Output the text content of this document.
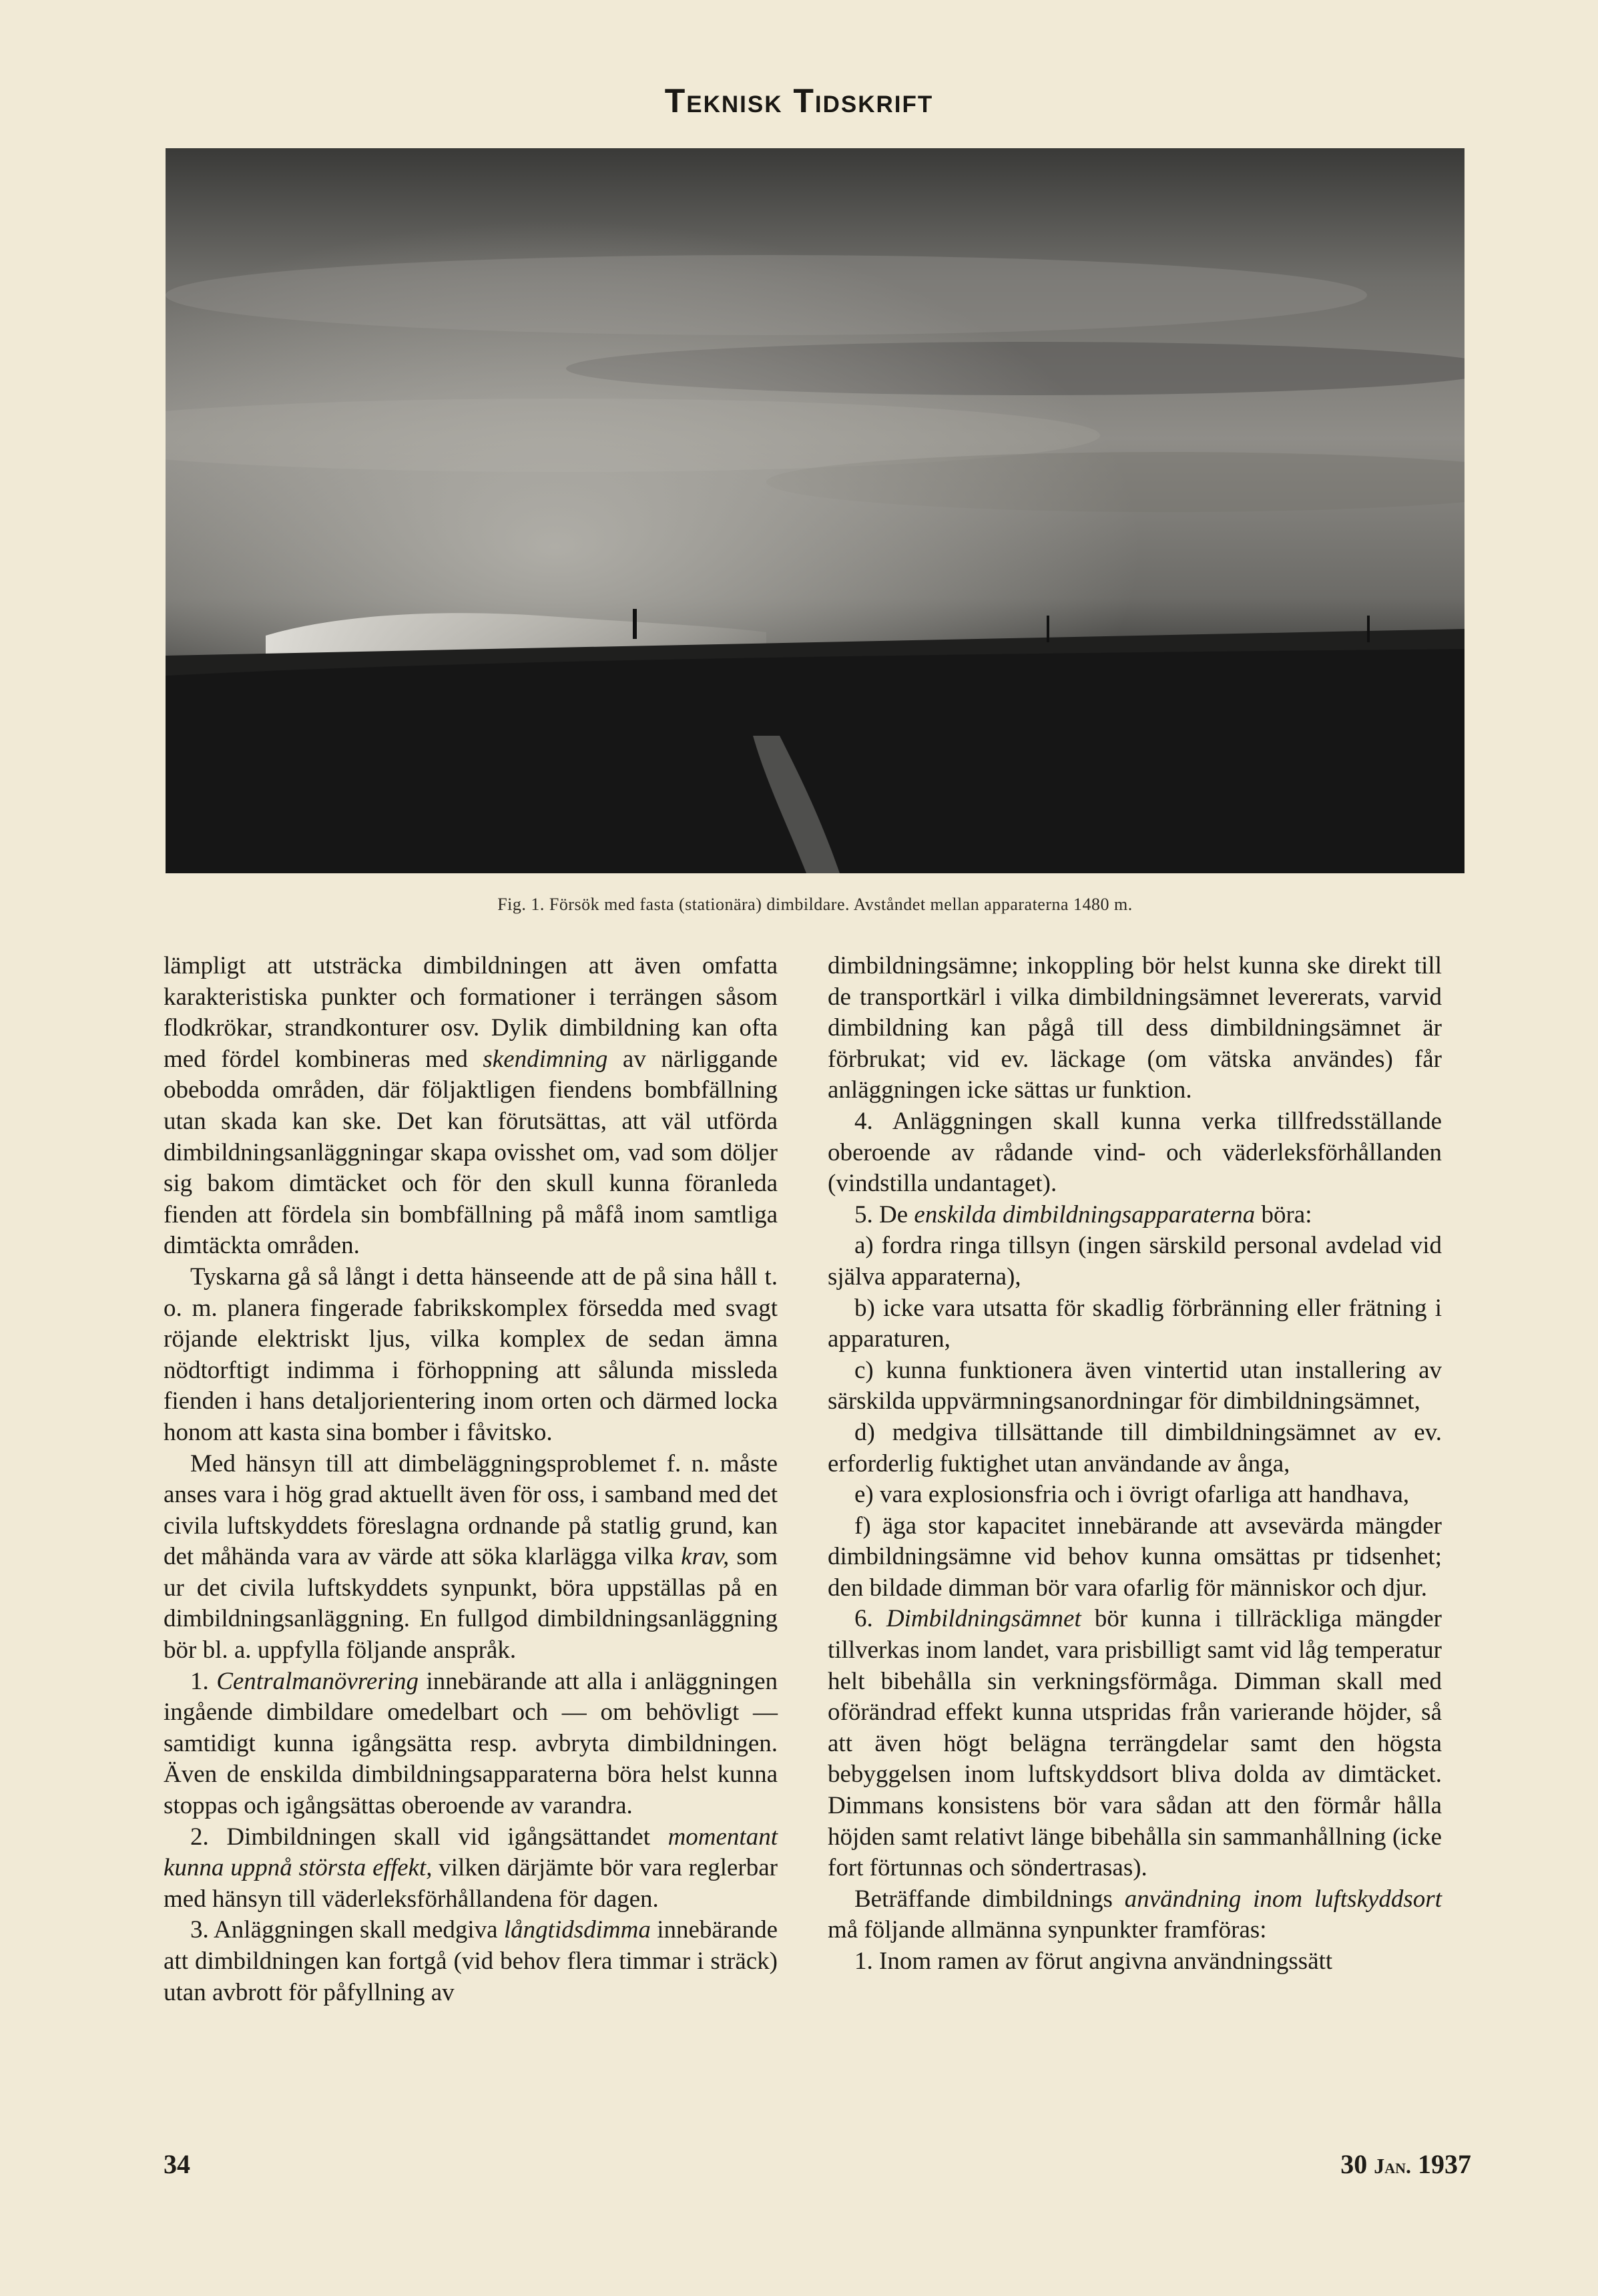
Teknisk Tidskrift
Fig. 1. Försök med fasta (stationära) dimbildare. Avståndet mellan apparaterna 1480 m.

lämpligt att utsträcka dimbildningen att även omfatta karakteristiska punkter och formationer i terrängen såsom flodkrökar, strandkonturer osv. Dylik dimbildning kan ofta med fördel kombineras med skendimning av närliggande obebodda områden, där följaktligen fiendens bombfällning utan skada kan ske. Det kan förutsättas, att väl utförda dimbildningsanläggningar skapa ovisshet om, vad som döljer sig bakom dimtäcket och för den skull kunna föranleda fienden att fördela sin bombfällning på måfå inom samtliga dimtäckta områden.

Tyskarna gå så långt i detta hänseende att de på sina håll t. o. m. planera fingerade fabrikskomplex försedda med svagt röjande elektriskt ljus, vilka komplex de sedan ämna nödtorftigt indimma i förhoppning att sålunda missleda fienden i hans detaljorientering inom orten och därmed locka honom att kasta sina bomber i fåvitsko.

Med hänsyn till att dimbeläggningsproblemet f. n. måste anses vara i hög grad aktuellt även för oss, i samband med det civila luftskyddets föreslagna ordnande på statlig grund, kan det måhända vara av värde att söka klarlägga vilka krav, som ur det civila luftskyddets synpunkt, böra uppställas på en dimbildningsanläggning. En fullgod dimbildningsanläggning bör bl. a. uppfylla följande anspråk.

1. Centralmanövrering innebärande att alla i anläggningen ingående dimbildare omedelbart och — om behövligt — samtidigt kunna igångsätta resp. avbryta dimbildningen. Även de enskilda dimbildningsapparaterna böra helst kunna stoppas och igångsättas oberoende av varandra.

2. Dimbildningen skall vid igångsättandet momentant kunna uppnå största effekt, vilken därjämte bör vara reglerbar med hänsyn till väderleksförhållandena för dagen.

3. Anläggningen skall medgiva långtidsdimma innebärande att dimbildningen kan fortgå (vid behov flera timmar i sträck) utan avbrott för påfyllning av

dimbildningsämne; inkoppling bör helst kunna ske direkt till de transportkärl i vilka dimbildningsämnet levererats, varvid dimbildning kan pågå till dess dimbildningsämnet är förbrukat; vid ev. läckage (om vätska användes) får anläggningen icke sättas ur funktion.

4. Anläggningen skall kunna verka tillfredsställande oberoende av rådande vind- och väderleksförhållanden (vindstilla undantaget).

5. De enskilda dimbildningsapparaterna böra:

a) fordra ringa tillsyn (ingen särskild personal avdelad vid själva apparaterna),

b) icke vara utsatta för skadlig förbränning eller frätning i apparaturen,

c) kunna funktionera även vintertid utan installering av särskilda uppvärmningsanordningar för dimbildningsämnet,

d) medgiva tillsättande till dimbildningsämnet av ev. erforderlig fuktighet utan användande av ånga,

e) vara explosionsfria och i övrigt ofarliga att handhava,

f) äga stor kapacitet innebärande att avsevärda mängder dimbildningsämne vid behov kunna omsättas pr tidsenhet; den bildade dimman bör vara ofarlig för människor och djur.

6. Dimbildningsämnet bör kunna i tillräckliga mängder tillverkas inom landet, vara prisbilligt samt vid låg temperatur helt bibehålla sin verkningsförmåga. Dimman skall med oförändrad effekt kunna utspridas från varierande höjder, så att även högt belägna terrängdelar samt den högsta bebyggelsen inom luftskyddsort bliva dolda av dimtäcket. Dimmans konsistens bör vara sådan att den förmår hålla höjden samt relativt länge bibehålla sin sammanhållning (icke fort förtunnas och söndertrasas).

Beträffande dimbildnings användning inom luftskyddsort må följande allmänna synpunkter framföras:

1. Inom ramen av förut angivna användningssätt

34	30 Jan. 1937
